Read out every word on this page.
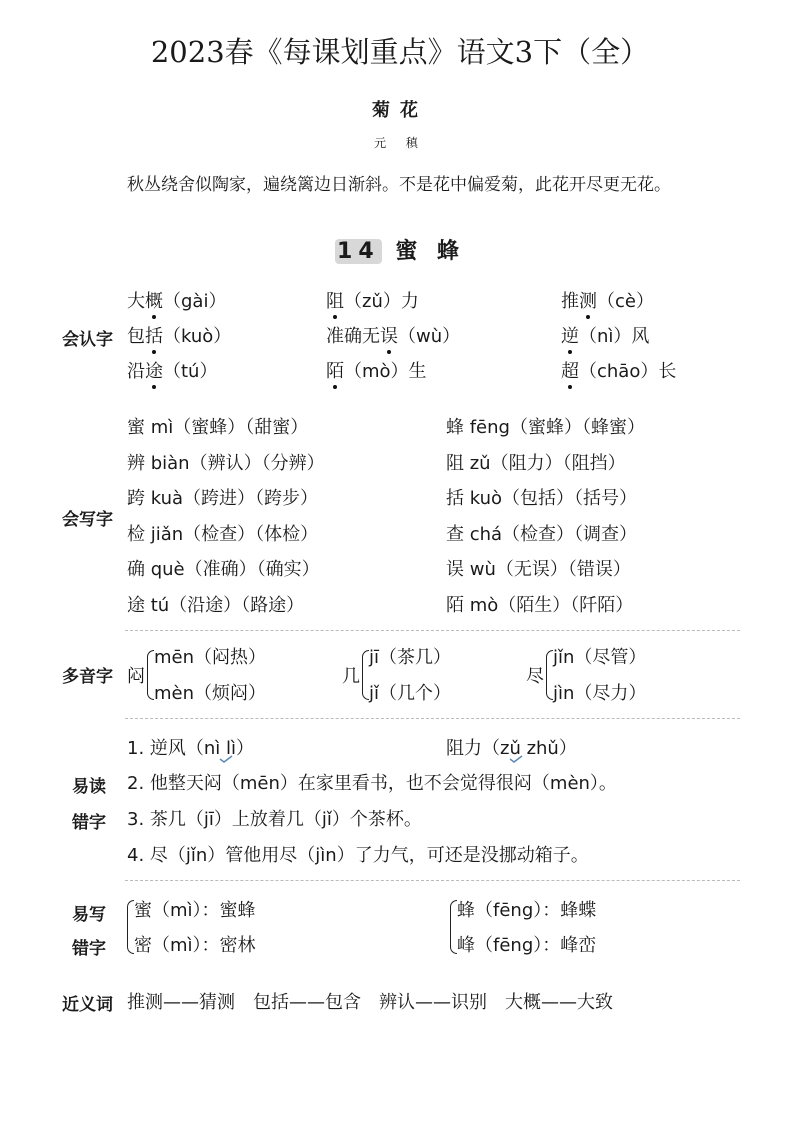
2023春《每课划重点》语文3下（全）
菊花
元 稹
秋丛绕舍似陶家，遍绕篱边日渐斜。不是花中偏爱菊，此花开尽更无花。
14 蜜 蜂
会认字
大概（gài）	阻（zǔ）力	推测（cè）
包括（kuò）	准确无误（wù）	逆（nì）风
沿途（tú）	陌（mò）生	超（chāo）长
会写字
蜜 mì（蜜蜂）（甜蜜）	蜂 fēng（蜜蜂）（蜂蜜）
辨 biàn（辨认）（分辨）	阻 zǔ（阻力）（阻挡）
跨 kuà（跨进）（跨步）	括 kuò（包括）（括号）
检 jiǎn（检查）（体检）	查 chá（检查）（调查）
确 què（准确）（确实）	误 wù（无误）（错误）
途 tú（沿途）（路途）	陌 mò（陌生）（阡陌）
多音字 闷
mēn（闷热）
mèn（烦闷）
几
jī（茶几）
jǐ（几个）
尽
jǐn（尽管）
jìn（尽力）
易读
错字
1. 逆风（nì lì）	阻力（zǔ zhǔ）
2. 他整天闷（mēn）在家里看书，也不会觉得很闷（mèn）。
3. 茶几（jī）上放着几（jǐ）个茶杯。
4. 尽（jǐn）管他用尽（jìn）了力气，可还是没挪动箱子。
易写
错字
蜜（mì）：蜜蜂
密（mì）：密林
蜂（fēng）：蜂蝶
峰（fēng）：峰峦
近义词 推测——猜测　包括——包含　辨认——识别　大概——大致
